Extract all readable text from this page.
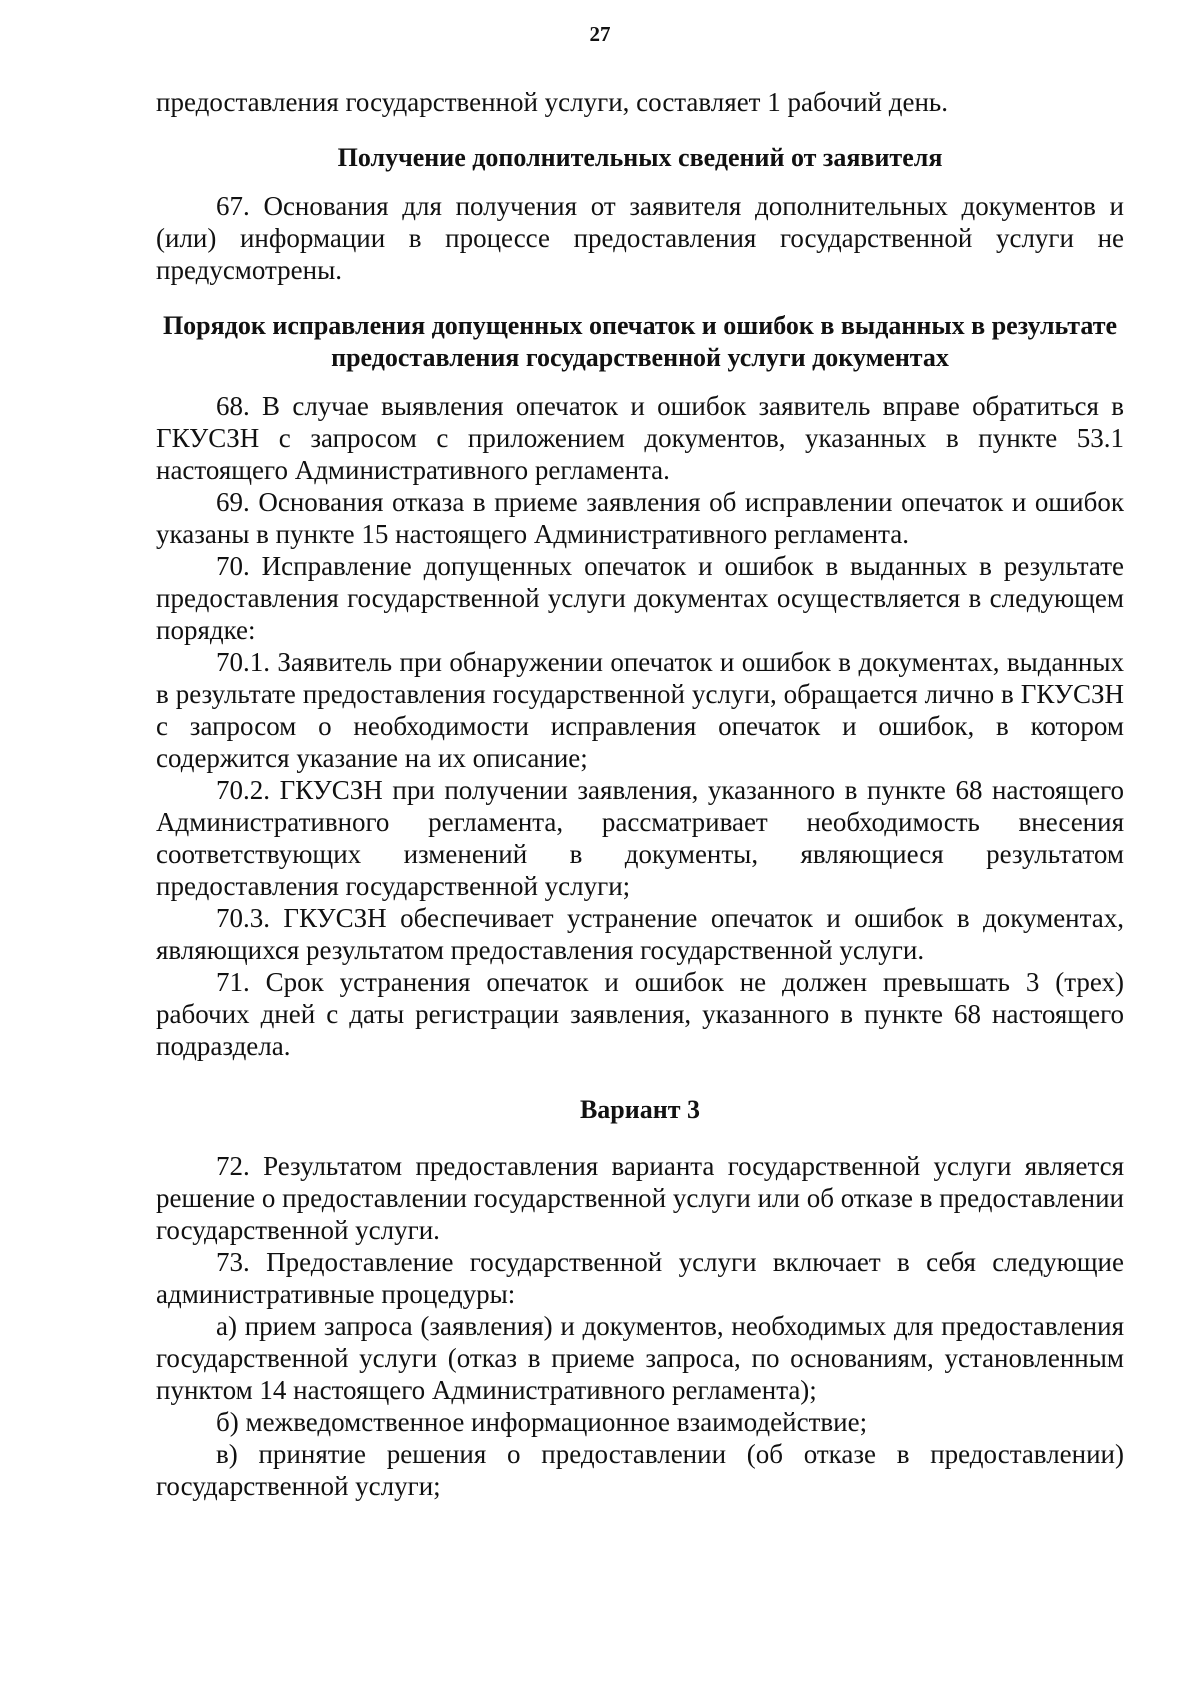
27

предоставления государственной услуги, составляет 1 рабочий день.

Получение дополнительных сведений от заявителя

67. Основания для получения от заявителя дополнительных документов и (или) информации в процессе предоставления государственной услуги не предусмотрены.

Порядок исправления допущенных опечаток и ошибок в выданных в результате предоставления государственной услуги документах

68. В случае выявления опечаток и ошибок заявитель вправе обратиться в ГКУСЗН с запросом с приложением документов, указанных в пункте 53.1 настоящего Административного регламента.

69. Основания отказа в приеме заявления об исправлении опечаток и ошибок указаны в пункте 15 настоящего Административного регламента.

70. Исправление допущенных опечаток и ошибок в выданных в результате предоставления государственной услуги документах осуществляется в следующем порядке:

70.1. Заявитель при обнаружении опечаток и ошибок в документах, выданных в результате предоставления государственной услуги, обращается лично в ГКУСЗН с запросом о необходимости исправления опечаток и ошибок, в котором содержится указание на их описание;

70.2. ГКУСЗН при получении заявления, указанного в пункте 68 настоящего Административного регламента, рассматривает необходимость внесения соответствующих изменений в документы, являющиеся результатом предоставления государственной услуги;

70.3. ГКУСЗН обеспечивает устранение опечаток и ошибок в документах, являющихся результатом предоставления государственной услуги.

71. Срок устранения опечаток и ошибок не должен превышать 3 (трех) рабочих дней с даты регистрации заявления, указанного в пункте 68 настоящего подраздела.

Вариант 3

72. Результатом предоставления варианта государственной услуги является решение о предоставлении государственной услуги или об отказе в предоставлении государственной услуги.

73. Предоставление государственной услуги включает в себя следующие административные процедуры:

а) прием запроса (заявления) и документов, необходимых для предоставления государственной услуги (отказ в приеме запроса, по основаниям, установленным пунктом 14 настоящего Административного регламента);

б) межведомственное информационное взаимодействие;

в) принятие решения о предоставлении (об отказе в предоставлении) государственной услуги;
